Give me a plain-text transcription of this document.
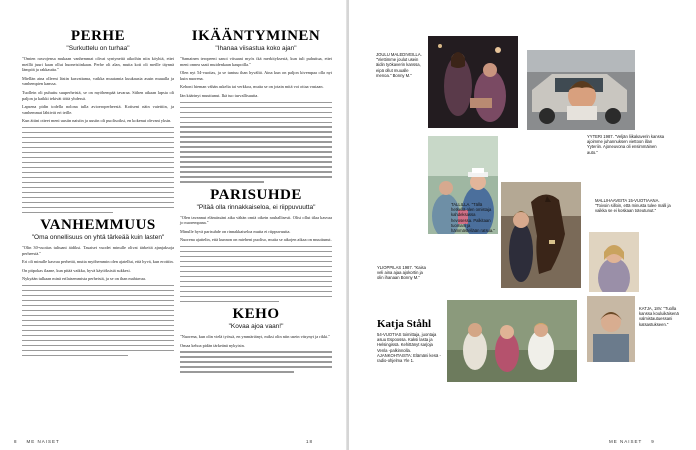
PERHE
"Surkuttelu on turhaa"

"Omien rasvojensa mukaan vanhemmat olivat syntyneitä aikoihin niin köyhiä, ettei meillä juuri kaan ollut huoneisiinkaan. Perhe oli alan, mutta koti oli meille täynnä lämpöä ja rakkautta."

Miellän aina olleeni lästin kasvattama, vaikka muutamia kuukausia asuin muualla ja vanhempien kanssa.

Tuollein oli puhuttu suuperheistä, se on myöhempää tavaraa. Siihen aikaan lapsia oli paljon ja kaikki tekivät töitä yhdessä.

Lapsena pidin todella nolona tulla avioeroperheestä. Kotiseni näin vaiettiin, ja vanhemmat lähtivät eri teille.

Kun äitini otteet meni uusiin naisiin ja uusiin oli puolisoiksi, en kokenut olevani yksin.

VANHEMMUUS
"Oma onnellisuus on yhtä tärkeää kuin lasten"

"Olin 30-vuotias tultuani äidiksi. Tasaiset vuodet minulle olivat tärkeitä ajanjaksoja perheestä."

Eri oli minulle kasvaa perhettä, mutta myöhemmin olen ajatellut, että hyvä, kun erottiin.

On pitpokas ilaane, kun pitää vaikka, hyvä käytöksistä sukkesi.

Nykyään tulkaan minä erilaisemmista perheistä, ja se on ihan mahtavaa.

IKÄÄNTYMINEN
"Ihanaa viisastua koko ajan"

"Samainen teropeeni sanoi vitsaani myös ikä merkityksestä, kun tuli puhuttua, ettei meni onnea saati muidenkaan kaupoilla."

Olen nyt 54-vuotias, ja se tuntuu ihan hyvältä. Aina kun on paljon kivempaa olla nyt kuin nuorena.

Kehoni hieman vähän askelta tai verkkoa, mutta se on jotain mitä voi ottaa vastaan.

Iän käärinyt muuttunut. Ikä tuo turvallisuutta.

PARISUHDE
"Pitää olla rinnakkaiseloa, ei riippuvuutta"

"Olen tavannut elämässäni aika vähän omiä oikein rauhallisesti. Olisi ollut tilaa kasvaa jo nuorempana."

Minulle hyvä parisuhde on rinnakkaiseloa mutta ei riippuvuutta.

Nuorena ajattelin, että kunnon on mieheni puoliso, mutta se aikojen aikaa on muuttunut.

KEHO
"Kovaa ajoa vaan!"

"Nuorena, kun olin vielä työssä, en ymmärtänyt, miksi olin niin usein väsynyt ja rikki."

Omaa kehoa pidän tärkeänä nykyisin.

8 ME NAISET	18
JOULU MALEDIVEILLA. "Viettimme joulut usein äidin työkaverin kanssa, eipä ollut muualle menoa." Bonny M."
YYTERI 1987. "Veljän liikakaverin kanssa ajoimme juhannuksen viettoon illan Yyteriin. Ajoneuvona oli ensimmäinen auto."
YLIOPPILAS 1987. "Kaisa veli aina ajaa ajokortin ja olin ihanaan Bonny M."
TALLILLA. "Tällä hetkellä olen omistaja kahdeksassa hevosessa. Palkitaan tuomani ja hämmästellään ratsua."
MALLIHAAVEITA 15-VUOTIAANA. "Toivoin silloin, että minusta tulee malli ja vaikka se ei koskaan toteutunut."
KATJA, 18V. "Tuolla kanssa kouluikäisenä valmistautuessani katsastukseen."
Katja Ståhl
54-VUOTIAS toimittaja, juontaja asuu Espoossa. Kaksi lasta ja Helsingissä. Kehittänyt sarjoja Venla -palkinnolla. AJANKOHTAISTA: Elämäni kesä -radio-ohjelma Yle 1.
ME NAISET 9
